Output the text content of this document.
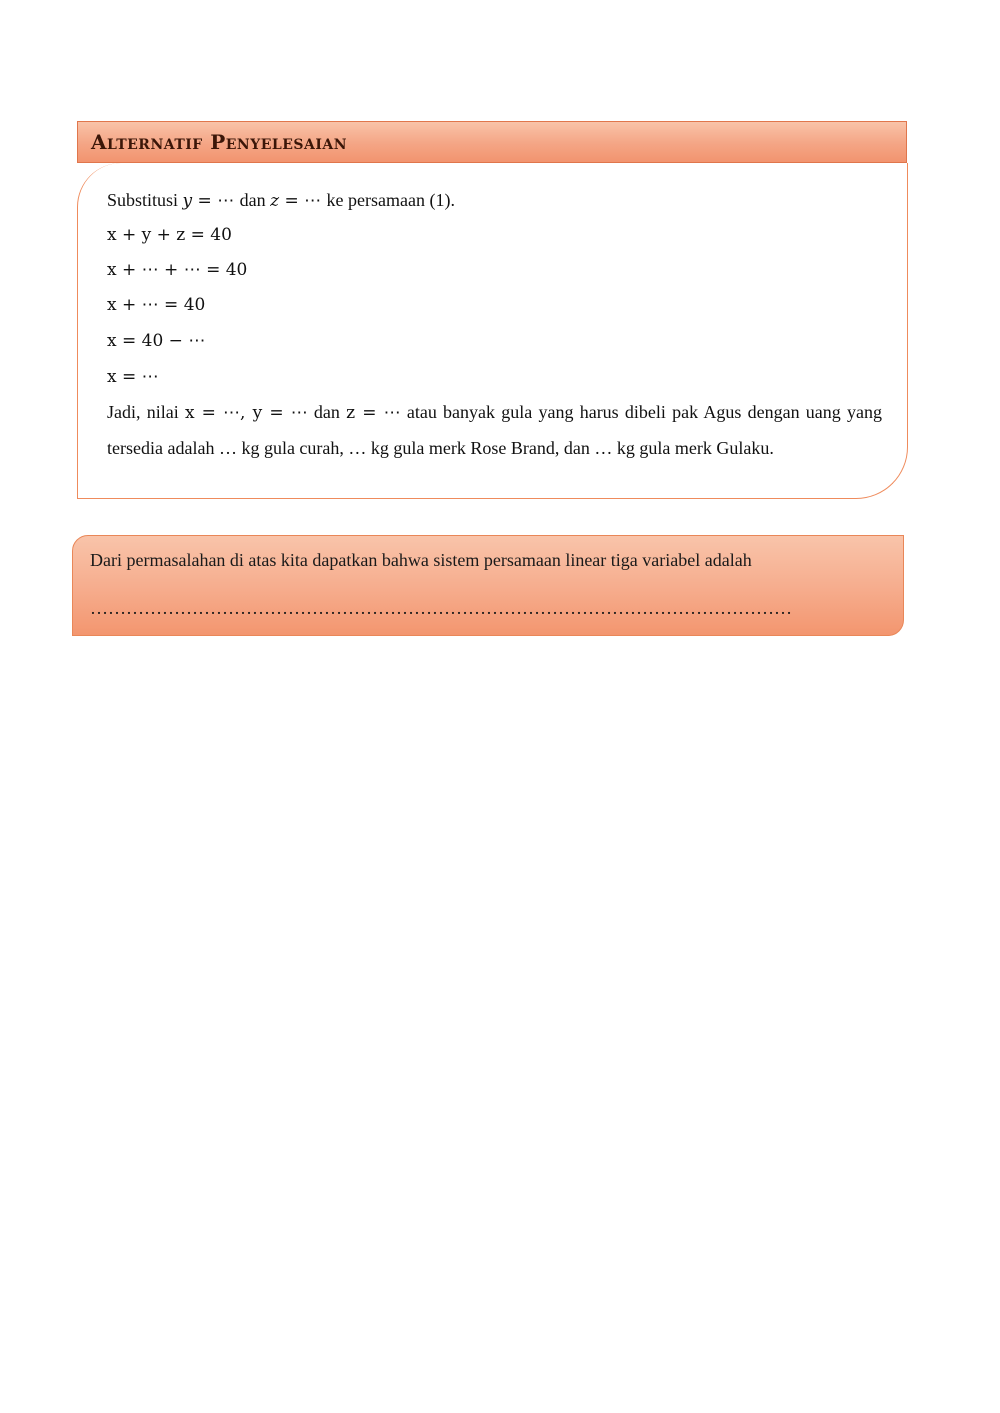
Alternatif Penyelesaian
Substitusi y = ⋯ dan z = ⋯ ke persamaan (1).
x + y + z = 40
x + ⋯ + ⋯ = 40
x + ⋯ = 40
x = 40 − ⋯
x = ⋯
Jadi, nilai x = ⋯, y = ⋯ dan z = ⋯ atau banyak gula yang harus dibeli pak Agus dengan uang yang tersedia adalah … kg gula curah, … kg gula merk Rose Brand, dan … kg gula merk Gulaku.
Dari permasalahan di atas kita dapatkan bahwa sistem persamaan linear tiga variabel adalah
………………………………………………………………………………………………………
